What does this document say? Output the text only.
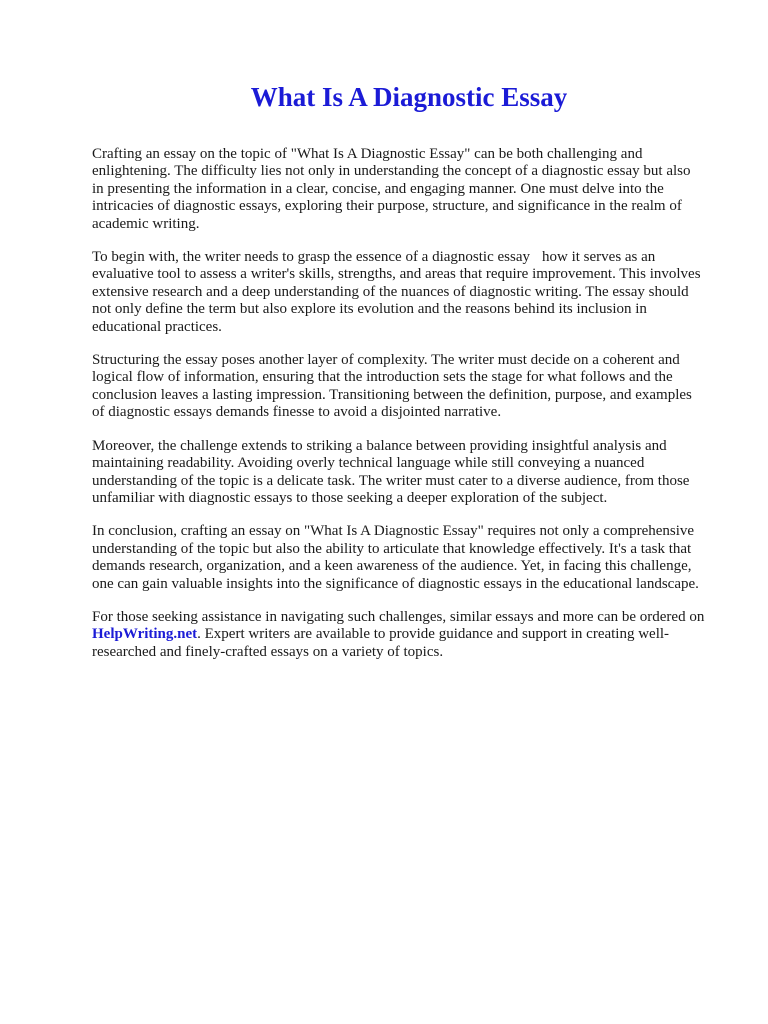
What Is A Diagnostic Essay

Crafting an essay on the topic of "What Is A Diagnostic Essay" can be both challenging and
enlightening. The difficulty lies not only in understanding the concept of a diagnostic essay but also
in presenting the information in a clear, concise, and engaging manner. One must delve into the
intricacies of diagnostic essays, exploring their purpose, structure, and significance in the realm of
academic writing.

To begin with, the writer needs to grasp the essence of a diagnostic essay how it serves as an
evaluative tool to assess a writer's skills, strengths, and areas that require improvement. This involves
extensive research and a deep understanding of the nuances of diagnostic writing. The essay should
not only define the term but also explore its evolution and the reasons behind its inclusion in
educational practices.

Structuring the essay poses another layer of complexity. The writer must decide on a coherent and
logical flow of information, ensuring that the introduction sets the stage for what follows and the
conclusion leaves a lasting impression. Transitioning between the definition, purpose, and examples
of diagnostic essays demands finesse to avoid a disjointed narrative.

Moreover, the challenge extends to striking a balance between providing insightful analysis and
maintaining readability. Avoiding overly technical language while still conveying a nuanced
understanding of the topic is a delicate task. The writer must cater to a diverse audience, from those
unfamiliar with diagnostic essays to those seeking a deeper exploration of the subject.

In conclusion, crafting an essay on "What Is A Diagnostic Essay" requires not only a comprehensive
understanding of the topic but also the ability to articulate that knowledge effectively. It's a task that
demands research, organization, and a keen awareness of the audience. Yet, in facing this challenge,
one can gain valuable insights into the significance of diagnostic essays in the educational landscape.

For those seeking assistance in navigating such challenges, similar essays and more can be ordered on
HelpWriting.net. Expert writers are available to provide guidance and support in creating well-
researched and finely-crafted essays on a variety of topics.
